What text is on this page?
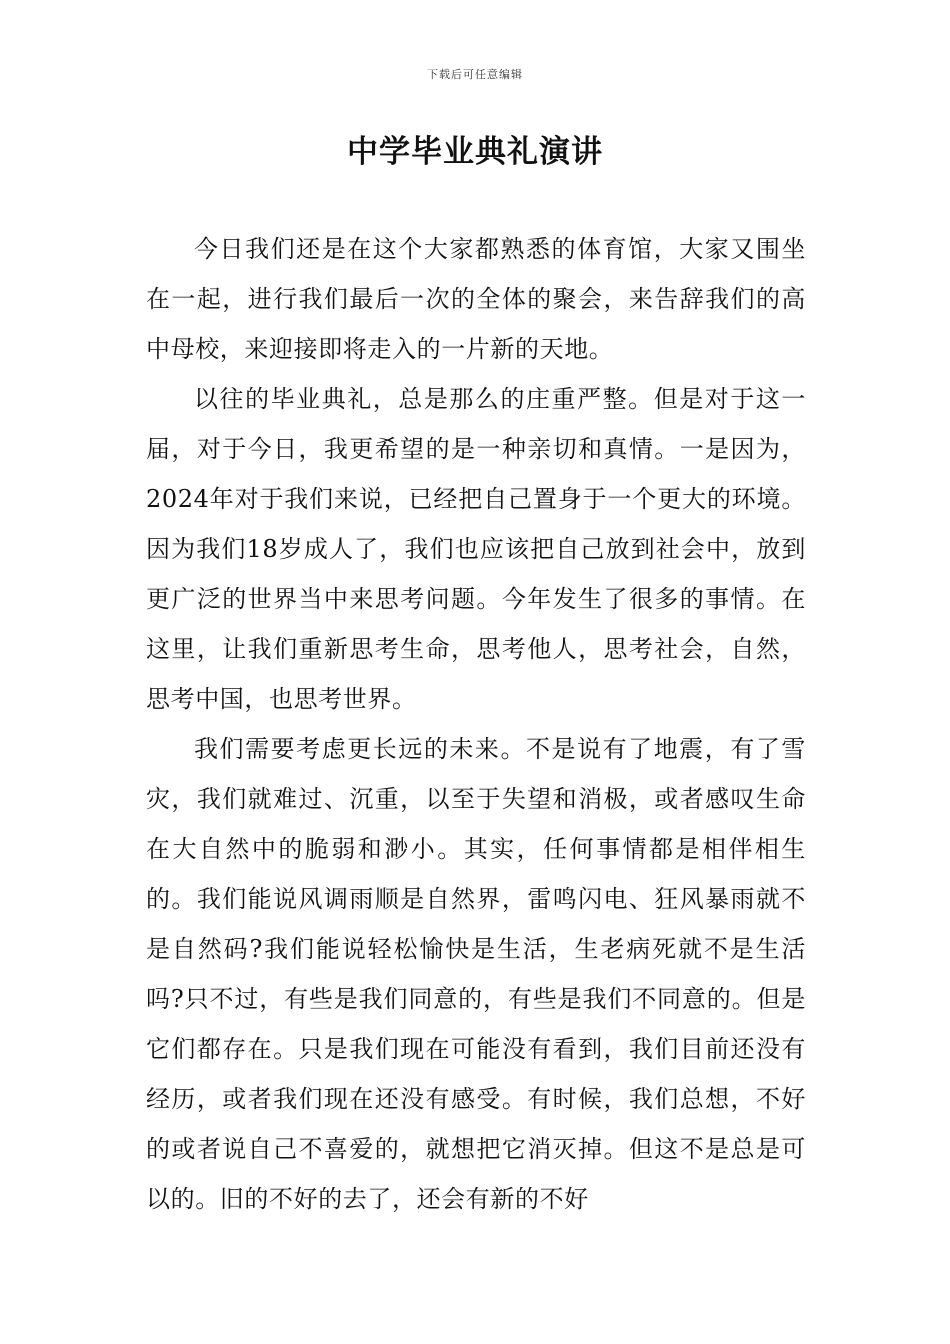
下载后可任意编辑
中学毕业典礼演讲

今日我们还是在这个大家都熟悉的体育馆，大家又围坐在一起，进行我们最后一次的全体的聚会，来告辞我们的高中母校，来迎接即将走入的一片新的天地。

以往的毕业典礼，总是那么的庄重严整。但是对于这一届，对于今日，我更希望的是一种亲切和真情。一是因为，2024年对于我们来说，已经把自己置身于一个更大的环境。因为我们18岁成人了，我们也应该把自己放到社会中，放到更广泛的世界当中来思考问题。今年发生了很多的事情。在这里，让我们重新思考生命，思考他人，思考社会，自然，思考中国，也思考世界。

我们需要考虑更长远的未来。不是说有了地震，有了雪灾，我们就难过、沉重，以至于失望和消极，或者感叹生命在大自然中的脆弱和渺小。其实，任何事情都是相伴相生的。我们能说风调雨顺是自然界，雷鸣闪电、狂风暴雨就不是自然码?我们能说轻松愉快是生活，生老病死就不是生活吗?只不过，有些是我们同意的，有些是我们不同意的。但是它们都存在。只是我们现在可能没有看到，我们目前还没有经历，或者我们现在还没有感受。有时候，我们总想，不好的或者说自己不喜爱的，就想把它消灭掉。但这不是总是可以的。旧的不好的去了，还会有新的不好
